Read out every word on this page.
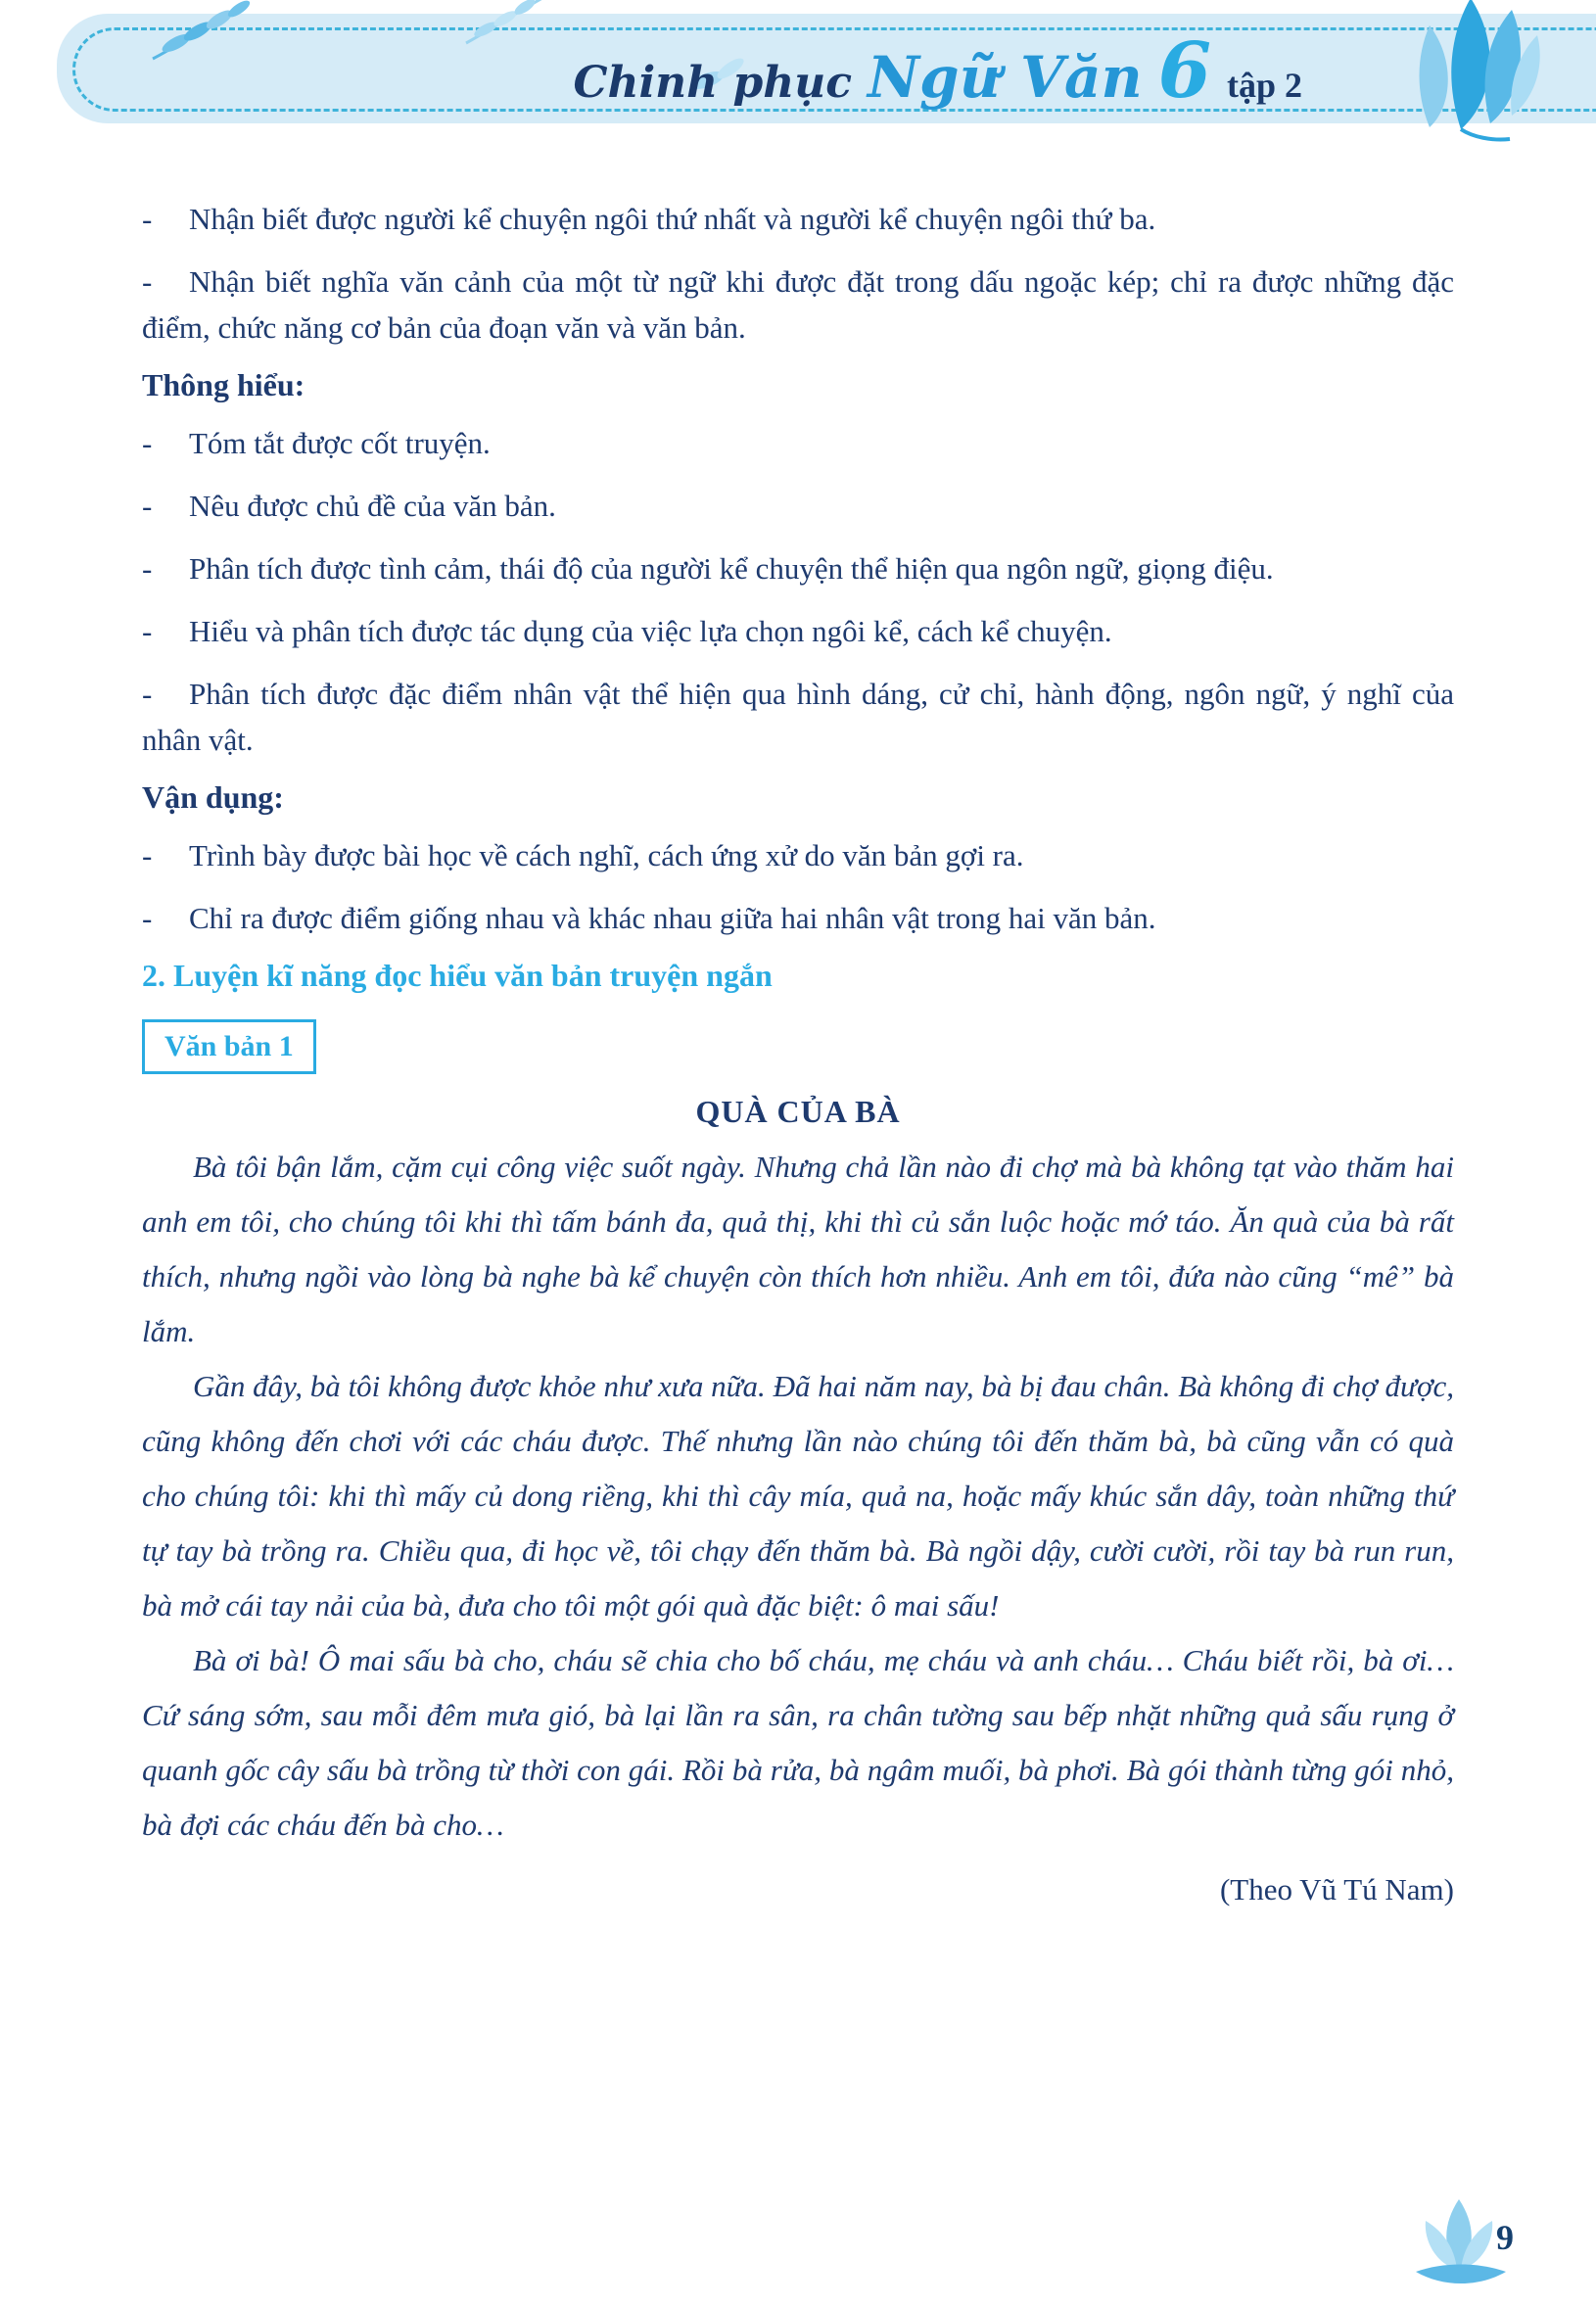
Chinh phục Ngữ Văn 6 tập 2
- Nhận biết được người kể chuyện ngôi thứ nhất và người kể chuyện ngôi thứ ba.
- Nhận biết nghĩa văn cảnh của một từ ngữ khi được đặt trong dấu ngoặc kép; chỉ ra được những đặc điểm, chức năng cơ bản của đoạn văn và văn bản.
Thông hiểu:
- Tóm tắt được cốt truyện.
- Nêu được chủ đề của văn bản.
- Phân tích được tình cảm, thái độ của người kể chuyện thể hiện qua ngôn ngữ, giọng điệu.
- Hiểu và phân tích được tác dụng của việc lựa chọn ngôi kể, cách kể chuyện.
- Phân tích được đặc điểm nhân vật thể hiện qua hình dáng, cử chỉ, hành động, ngôn ngữ, ý nghĩ của nhân vật.
Vận dụng:
- Trình bày được bài học về cách nghĩ, cách ứng xử do văn bản gợi ra.
- Chỉ ra được điểm giống nhau và khác nhau giữa hai nhân vật trong hai văn bản.
2. Luyện kĩ năng đọc hiểu văn bản truyện ngắn
Văn bản 1
QUÀ CỦA BÀ

Bà tôi bận lắm, cặm cụi công việc suốt ngày. Nhưng chả lần nào đi chợ mà bà không tạt vào thăm hai anh em tôi, cho chúng tôi khi thì tấm bánh đa, quả thị, khi thì củ sắn luộc hoặc mớ táo. Ăn quà của bà rất thích, nhưng ngồi vào lòng bà nghe bà kể chuyện còn thích hơn nhiều. Anh em tôi, đứa nào cũng “mê” bà lắm.

Gần đây, bà tôi không được khỏe như xưa nữa. Đã hai năm nay, bà bị đau chân. Bà không đi chợ được, cũng không đến chơi với các cháu được. Thế nhưng lần nào chúng tôi đến thăm bà, bà cũng vẫn có quà cho chúng tôi: khi thì mấy củ dong riềng, khi thì cây mía, quả na, hoặc mấy khúc sắn dây, toàn những thứ tự tay bà trồng ra. Chiều qua, đi học về, tôi chạy đến thăm bà. Bà ngồi dậy, cười cười, rồi tay bà run run, bà mở cái tay nải của bà, đưa cho tôi một gói quà đặc biệt: ô mai sấu!

Bà ơi bà! Ô mai sấu bà cho, cháu sẽ chia cho bố cháu, mẹ cháu và anh cháu… Cháu biết rồi, bà ơi… Cứ sáng sớm, sau mỗi đêm mưa gió, bà lại lần ra sân, ra chân tường sau bếp nhặt những quả sấu rụng ở quanh gốc cây sấu bà trồng từ thời con gái. Rồi bà rửa, bà ngâm muối, bà phơi. Bà gói thành từng gói nhỏ, bà đợi các cháu đến bà cho…

(Theo Vũ Tú Nam)

9
